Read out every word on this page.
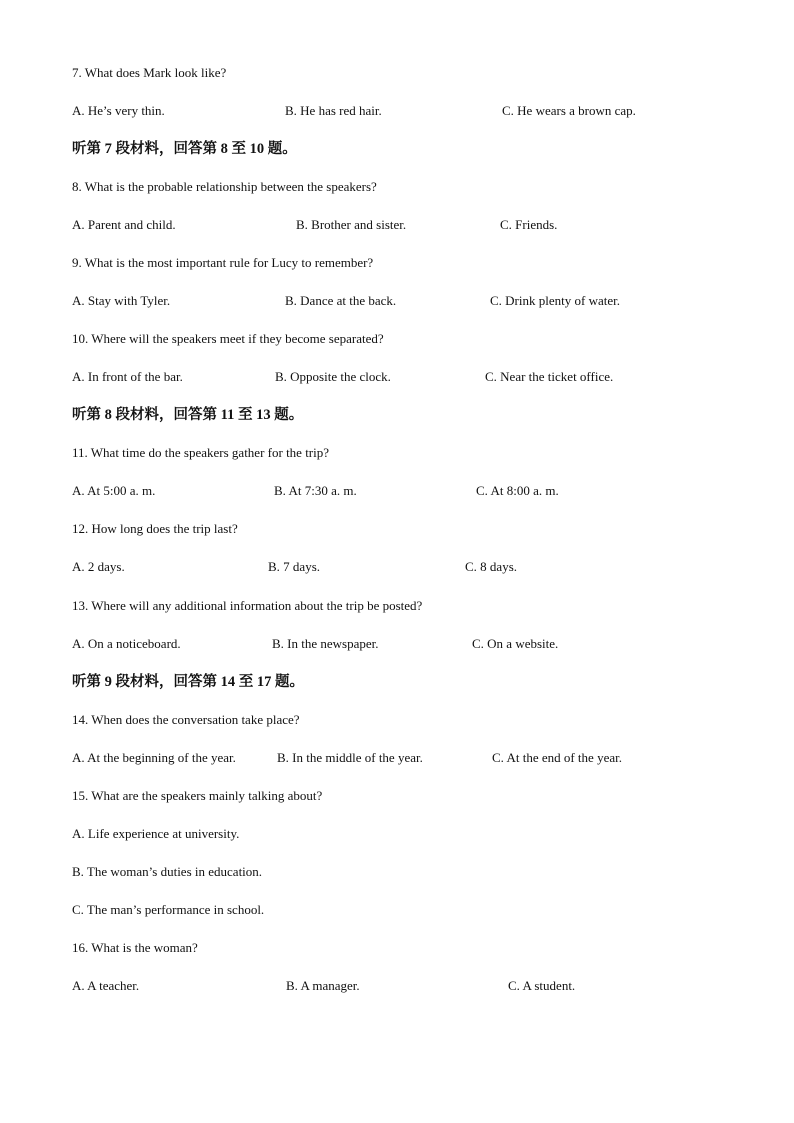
7. What does Mark look like?
A. He’s very thin.	B. He has red hair.	C. He wears a brown cap.
听第 7 段材料，回答第 8 至 10 题。
8. What is the probable relationship between the speakers?
A. Parent and child.	B. Brother and sister.	C. Friends.
9. What is the most important rule for Lucy to remember?
A. Stay with Tyler.	B. Dance at the back.	C. Drink plenty of water.
10. Where will the speakers meet if they become separated?
A. In front of the bar.	B. Opposite the clock.	C. Near the ticket office.
听第 8 段材料，回答第 11 至 13 题。
11. What time do the speakers gather for the trip?
A. At 5:00 a. m.	B. At 7:30 a. m.	C. At 8:00 a. m.
12. How long does the trip last?
A. 2 days.	B. 7 days.	C. 8 days.
13. Where will any additional information about the trip be posted?
A. On a noticeboard.	B. In the newspaper.	C. On a website.
听第 9 段材料，回答第 14 至 17 题。
14. When does the conversation take place?
A. At the beginning of the year.	B. In the middle of the year.	C. At the end of the year.
15. What are the speakers mainly talking about?
A. Life experience at university.
B. The woman’s duties in education.
C. The man’s performance in school.
16. What is the woman?
A. A teacher.	B. A manager.	C. A student.
